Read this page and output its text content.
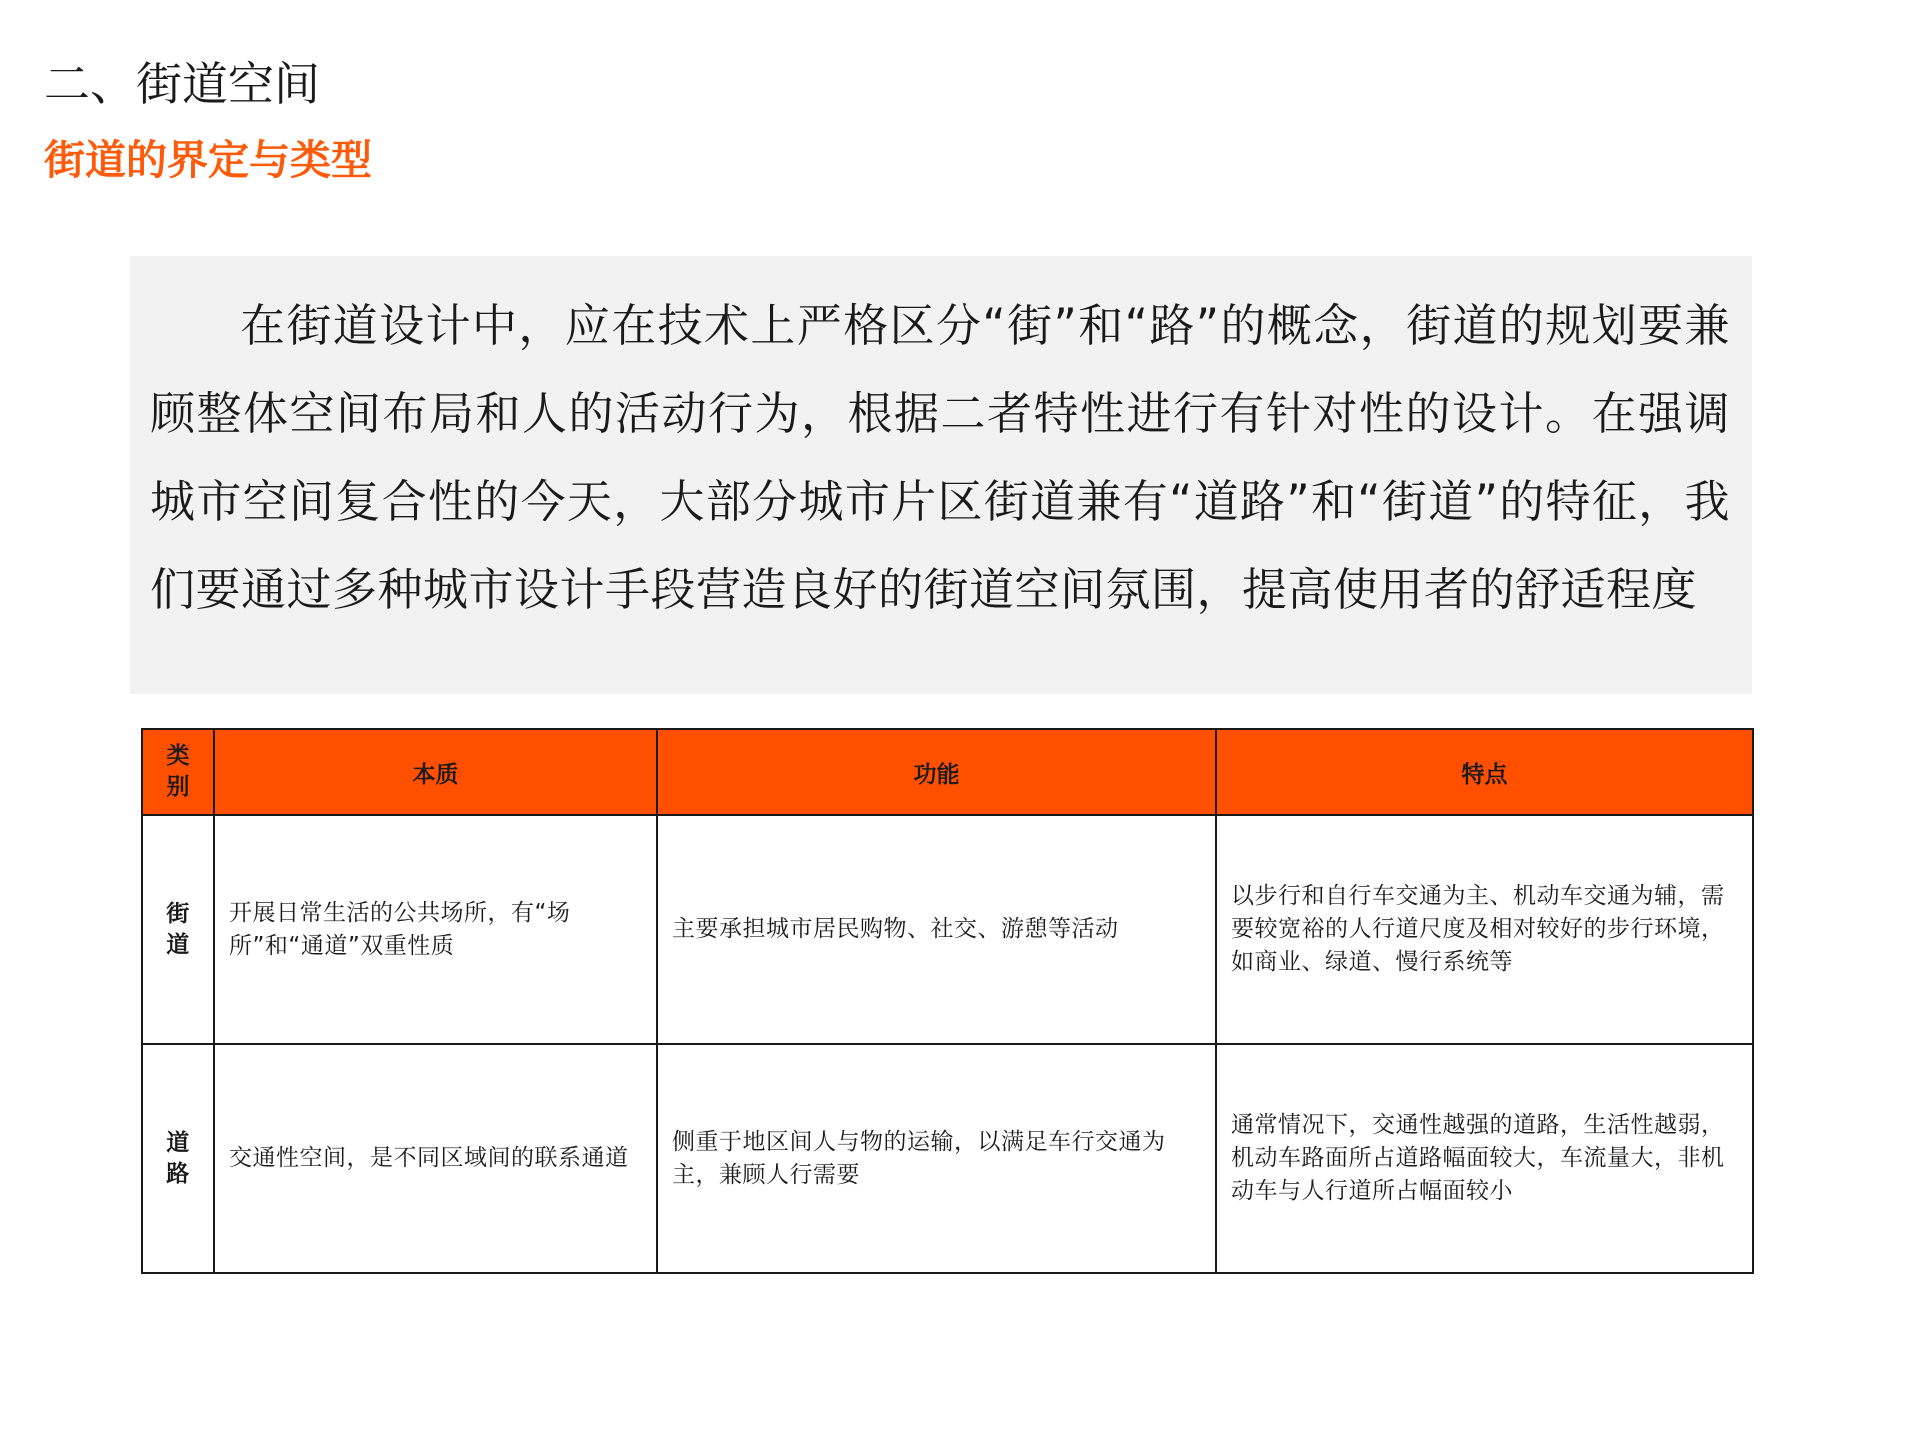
二、街道空间
街道的界定与类型

在街道设计中，应在技术上严格区分“街”和“路”的概念，街道的规划要兼顾整体空间布局和人的活动行为，根据二者特性进行有针对性的设计。在强调城市空间复合性的今天，大部分城市片区街道兼有“道路”和“街道”的特征，我们要通过多种城市设计手段营造良好的街道空间氛围，提高使用者的舒适程度

类别	本质	功能	特点
街道	开展日常生活的公共场所，有“场所”和“通道”双重性质	主要承担城市居民购物、社交、游憩等活动	以步行和自行车交通为主、机动车交通为辅，需要较宽裕的人行道尺度及相对较好的步行环境，如商业、绿道、慢行系统等
道路	交通性空间，是不同区域间的联系通道	侧重于地区间人与物的运输，以满足车行交通为主，兼顾人行需要	通常情况下，交通性越强的道路，生活性越弱，机动车路面所占道路幅面较大，车流量大，非机动车与人行道所占幅面较小
